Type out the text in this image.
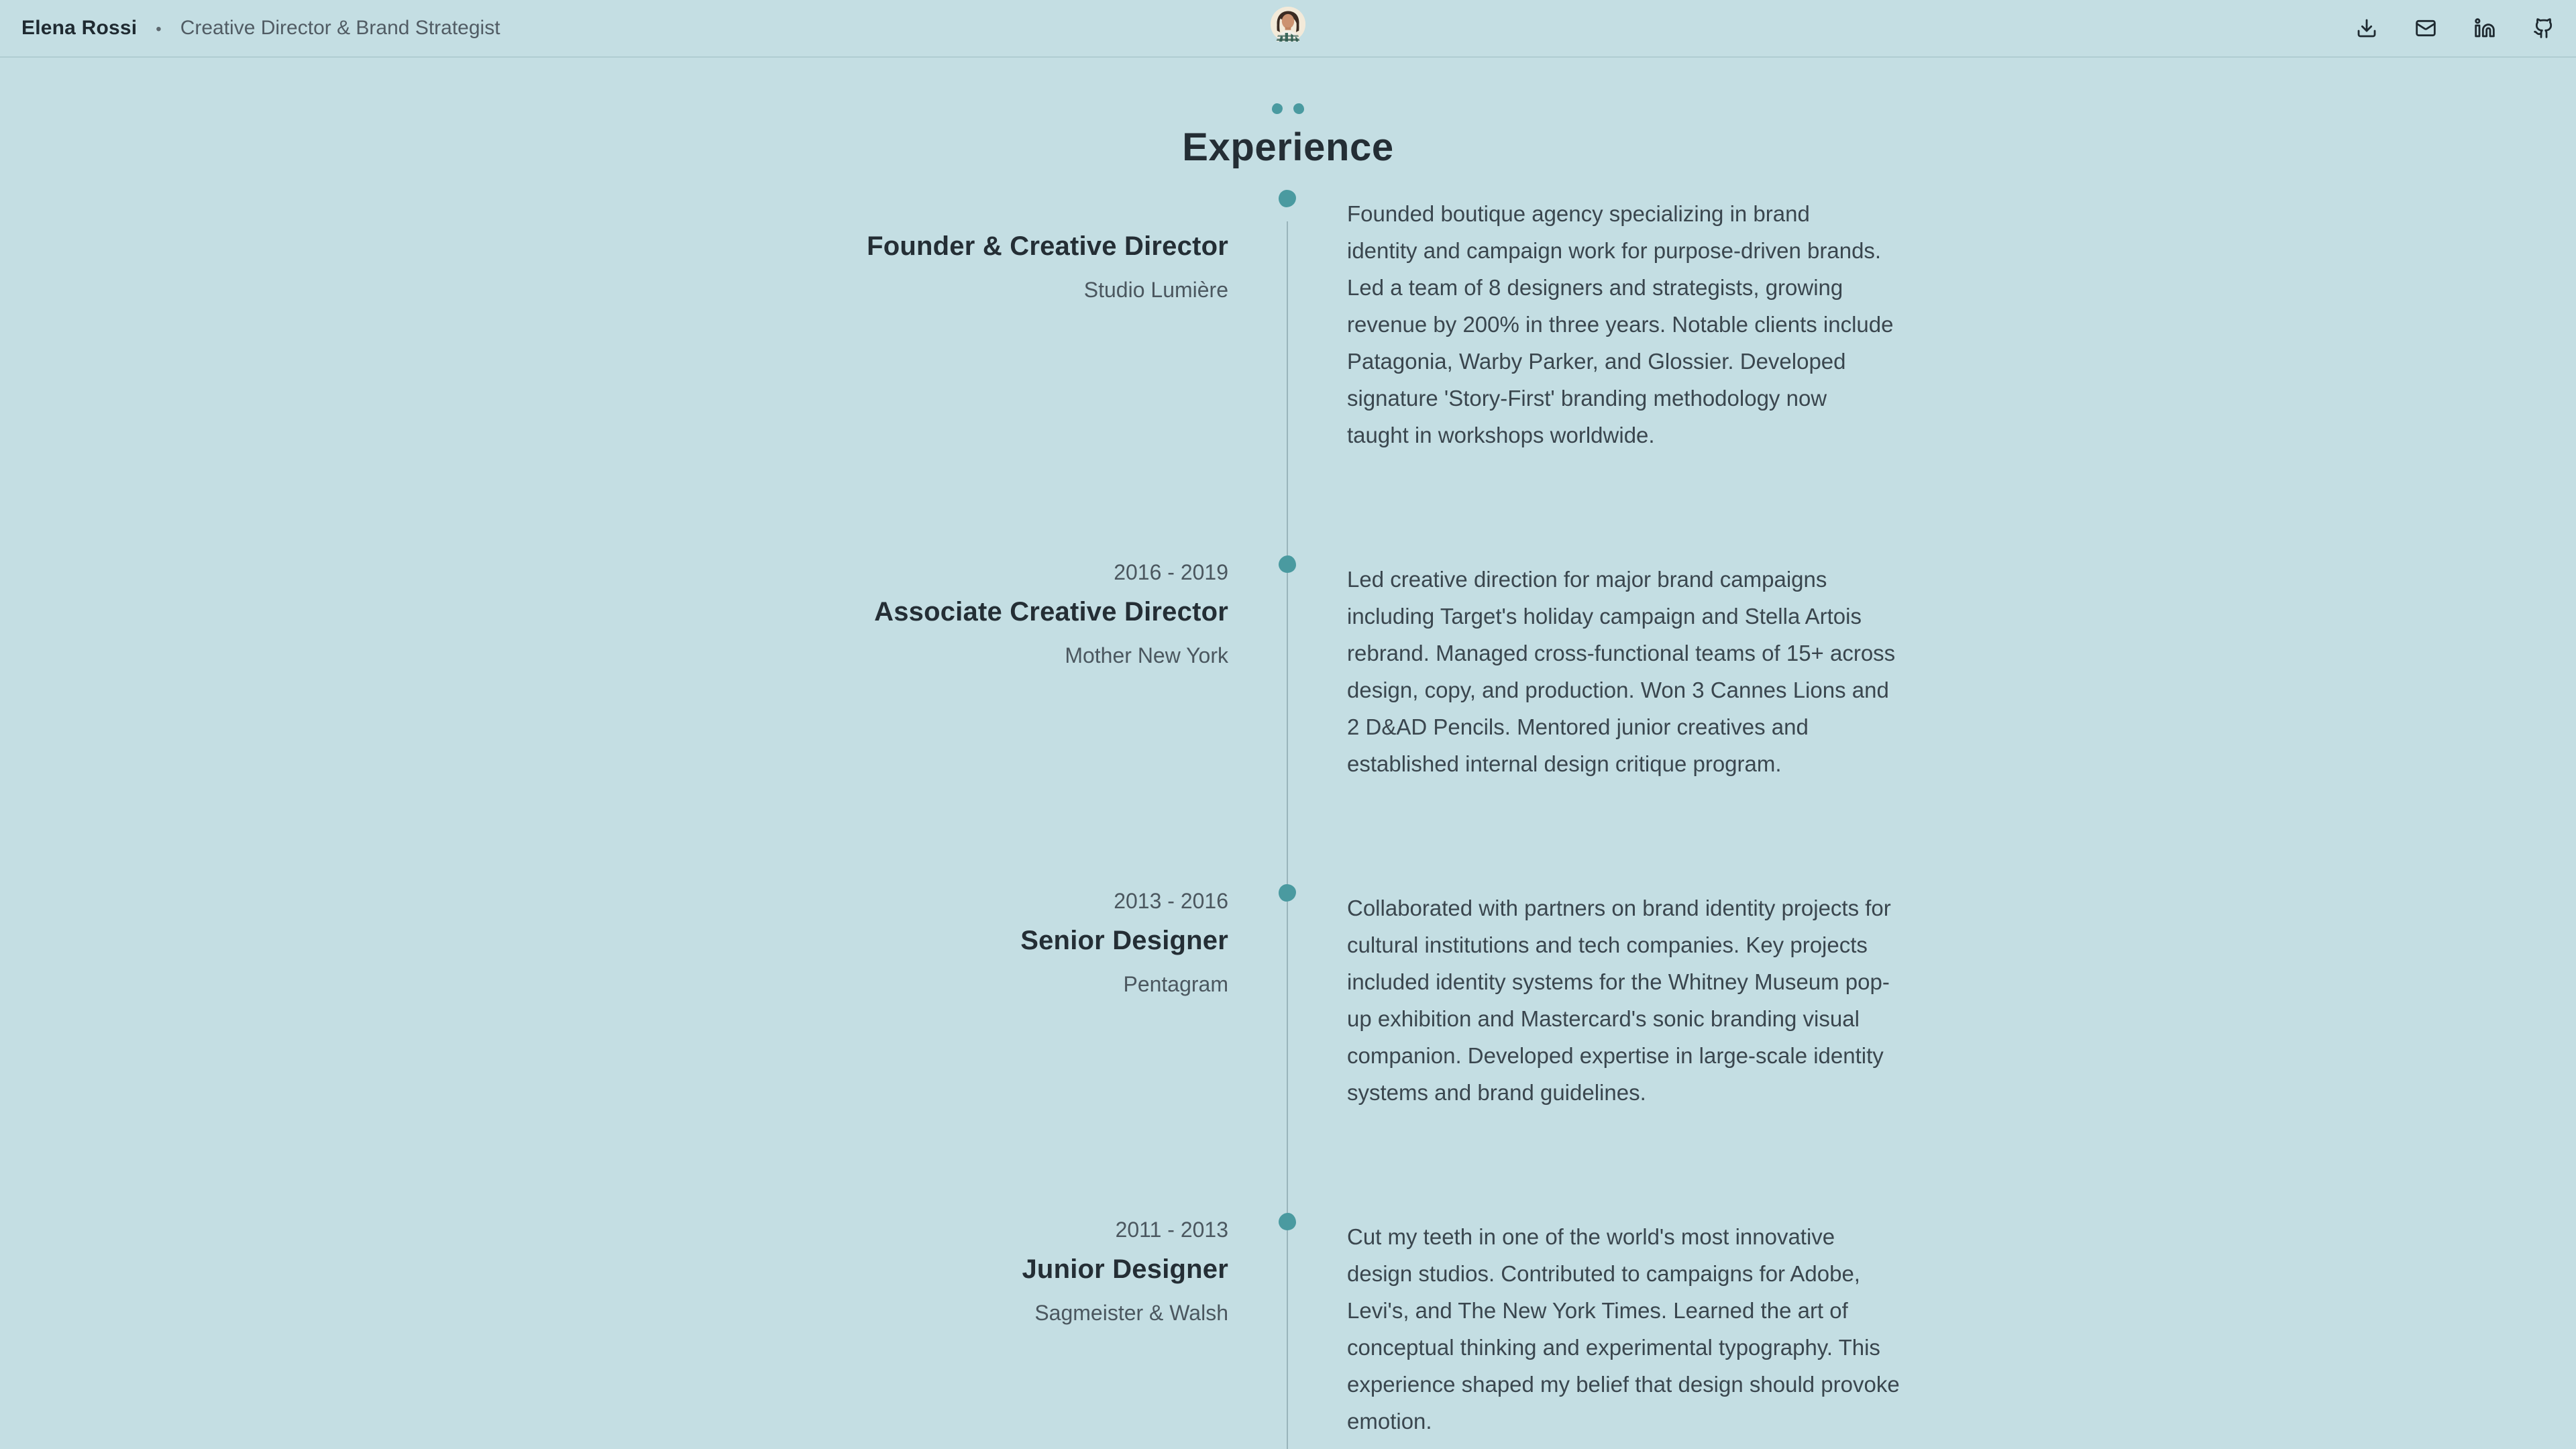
Elena Rossi • Creative Director & Brand Strategist
Experience
Founder & Creative Director
Studio Lumière
Founded boutique agency specializing in brand
identity and campaign work for purpose-driven brands.
Led a team of 8 designers and strategists, growing
revenue by 200% in three years. Notable clients include
Patagonia, Warby Parker, and Glossier. Developed
signature 'Story-First' branding methodology now
taught in workshops worldwide.
2016 - 2019
Associate Creative Director
Mother New York
Led creative direction for major brand campaigns
including Target's holiday campaign and Stella Artois
rebrand. Managed cross-functional teams of 15+ across
design, copy, and production. Won 3 Cannes Lions and
2 D&AD Pencils. Mentored junior creatives and
established internal design critique program.
2013 - 2016
Senior Designer
Pentagram
Collaborated with partners on brand identity projects for
cultural institutions and tech companies. Key projects
included identity systems for the Whitney Museum pop-
up exhibition and Mastercard's sonic branding visual
companion. Developed expertise in large-scale identity
systems and brand guidelines.
2011 - 2013
Junior Designer
Sagmeister & Walsh
Cut my teeth in one of the world's most innovative
design studios. Contributed to campaigns for Adobe,
Levi's, and The New York Times. Learned the art of
conceptual thinking and experimental typography. This
experience shaped my belief that design should provoke
emotion.
